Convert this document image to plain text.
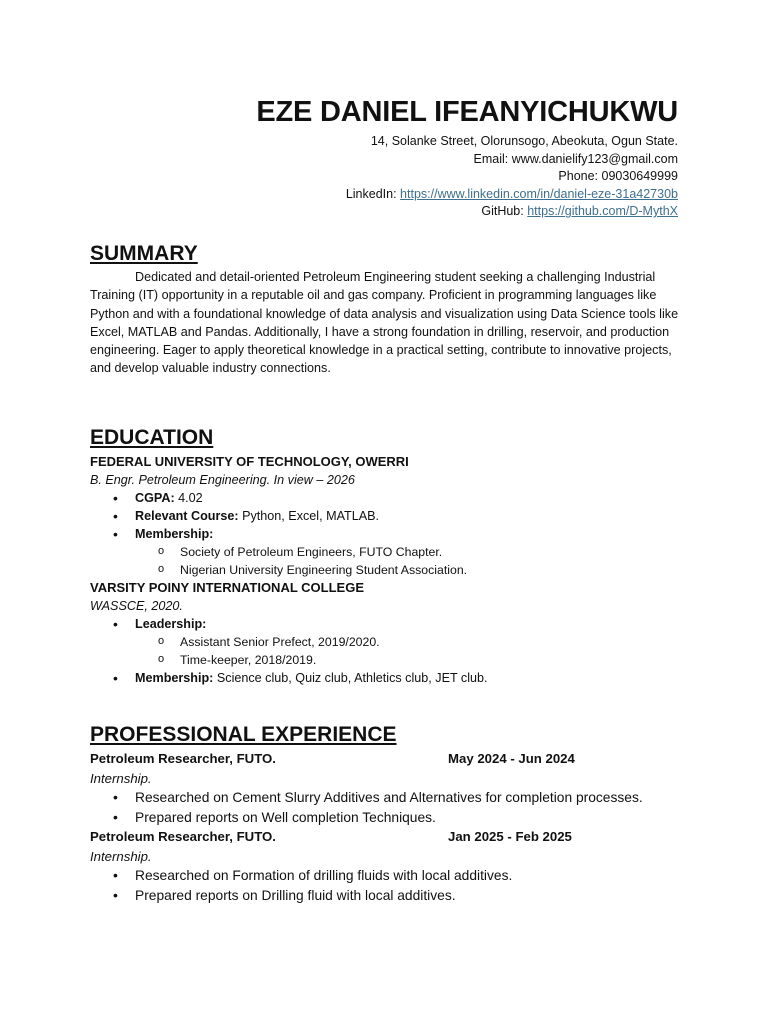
EZE DANIEL IFEANYICHUKWU
14, Solanke Street, Olorunsogo, Abeokuta, Ogun State.
Email: www.danielify123@gmail.com
Phone: 09030649999
LinkedIn: https://www.linkedin.com/in/daniel-eze-31a42730b
GitHub: https://github.com/D-MythX
SUMMARY

Dedicated and detail-oriented Petroleum Engineering student seeking a challenging Industrial Training (IT) opportunity in a reputable oil and gas company. Proficient in programming languages like Python and with a foundational knowledge of data analysis and visualization using Data Science tools like Excel, MATLAB and Pandas. Additionally, I have a strong foundation in drilling, reservoir, and production engineering. Eager to apply theoretical knowledge in a practical setting, contribute to innovative projects, and develop valuable industry connections.

EDUCATION
FEDERAL UNIVERSITY OF TECHNOLOGY, OWERRI
B. Engr. Petroleum Engineering. In view – 2026
• CGPA: 4.02
• Relevant Course: Python, Excel, MATLAB.
• Membership:
o Society of Petroleum Engineers, FUTO Chapter.
o Nigerian University Engineering Student Association.
VARSITY POINY INTERNATIONAL COLLEGE
WASSCE, 2020.
• Leadership:
o Assistant Senior Prefect, 2019/2020.
o Time-keeper, 2018/2019.
• Membership: Science club, Quiz club, Athletics club, JET club.
PROFESSIONAL EXPERIENCE
Petroleum Researcher, FUTO.	May 2024 - Jun 2024
Internship.
• Researched on Cement Slurry Additives and Alternatives for completion processes.
• Prepared reports on Well completion Techniques.
Petroleum Researcher, FUTO.	Jan 2025 - Feb 2025
Internship.
• Researched on Formation of drilling fluids with local additives.
• Prepared reports on Drilling fluid with local additives.
